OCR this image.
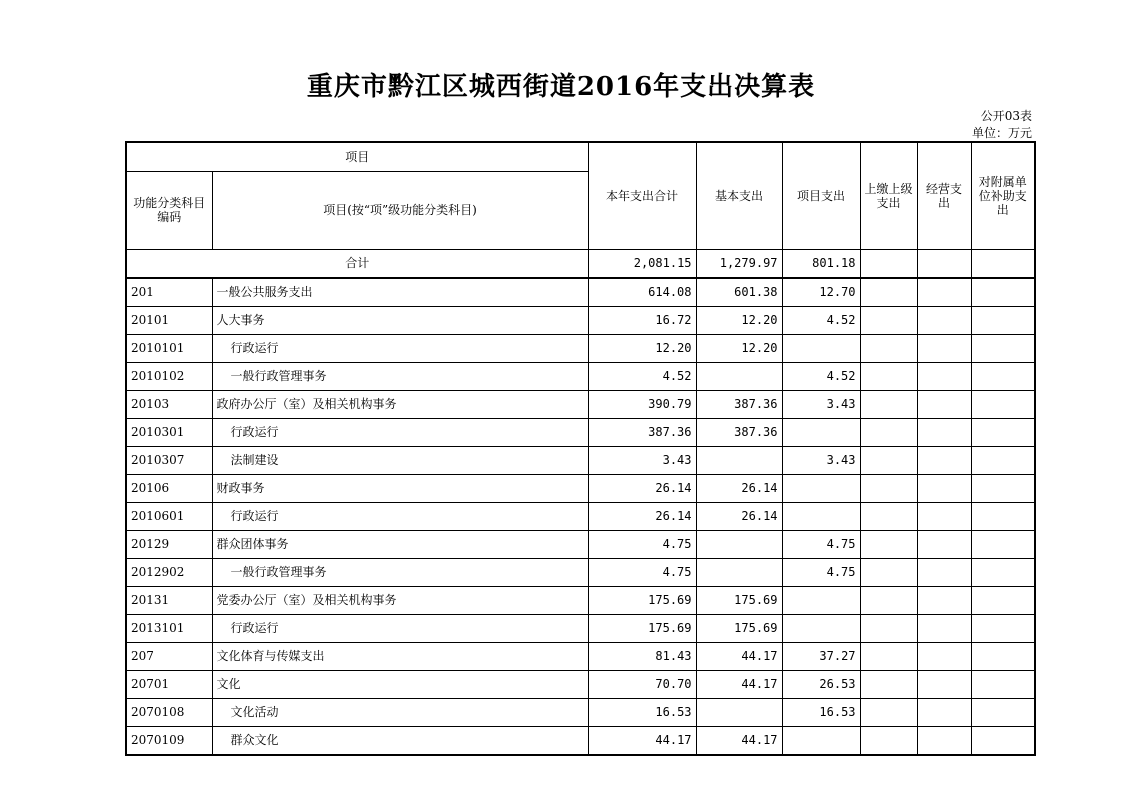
重庆市黔江区城西街道2016年支出决算表
公开03表
单位：万元
项目		本年支出合计	基本支出	项目支出	上缴上级支出	经营支出	对附属单位补助支出
功能分类科目编码	项目(按“项”级功能分类科目)						
合计		2,081.15	1,279.97	801.18			
201	一般公共服务支出	614.08	601.38	12.70			
20101	人大事务	16.72	12.20	4.52			
2010101	行政运行	12.20	12.20				
2010102	一般行政管理事务	4.52		4.52			
20103	政府办公厅（室）及相关机构事务	390.79	387.36	3.43			
2010301	行政运行	387.36	387.36				
2010307	法制建设	3.43		3.43			
20106	财政事务	26.14	26.14				
2010601	行政运行	26.14	26.14				
20129	群众团体事务	4.75		4.75			
2012902	一般行政管理事务	4.75		4.75			
20131	党委办公厅（室）及相关机构事务	175.69	175.69				
2013101	行政运行	175.69	175.69				
207	文化体育与传媒支出	81.43	44.17	37.27			
20701	文化	70.70	44.17	26.53			
2070108	文化活动	16.53		16.53			
2070109	群众文化	44.17	44.17				
